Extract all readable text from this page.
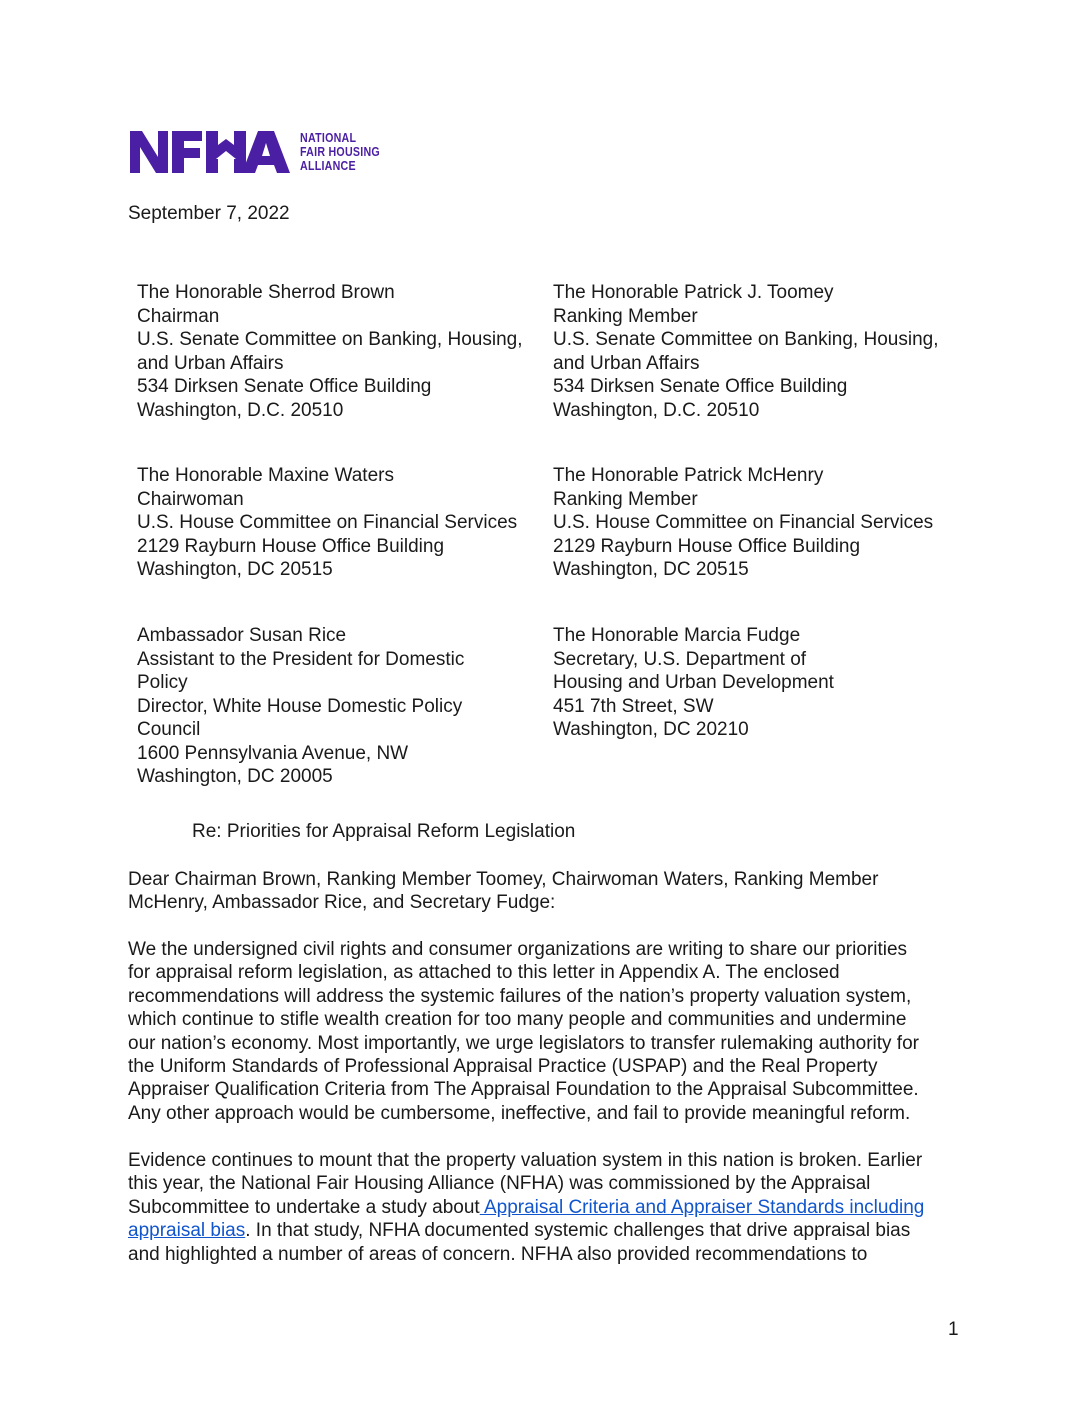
NATIONAL
FAIR HOUSING
ALLIANCE
September 7, 2022
The Honorable Sherrod Brown
Chairman
U.S. Senate Committee on Banking, Housing,
and Urban Affairs
534 Dirksen Senate Office Building
Washington, D.C. 20510
The Honorable Patrick J. Toomey
Ranking Member
U.S. Senate Committee on Banking, Housing,
and Urban Affairs
534 Dirksen Senate Office Building
Washington, D.C. 20510
The Honorable Maxine Waters
Chairwoman
U.S. House Committee on Financial Services
2129 Rayburn House Office Building
Washington, DC 20515
The Honorable Patrick McHenry
Ranking Member
U.S. House Committee on Financial Services
2129 Rayburn House Office Building
Washington, DC 20515
Ambassador Susan Rice
Assistant to the President for Domestic
Policy
Director, White House Domestic Policy
Council
1600 Pennsylvania Avenue, NW
Washington, DC 20005
The Honorable Marcia Fudge
Secretary, U.S. Department of
Housing and Urban Development
451 7th Street, SW
Washington, DC 20210
Re: Priorities for Appraisal Reform Legislation
Dear Chairman Brown, Ranking Member Toomey, Chairwoman Waters, Ranking Member
McHenry, Ambassador Rice, and Secretary Fudge:
We the undersigned civil rights and consumer organizations are writing to share our priorities
for appraisal reform legislation, as attached to this letter in Appendix A. The enclosed
recommendations will address the systemic failures of the nation’s property valuation system,
which continue to stifle wealth creation for too many people and communities and undermine
our nation’s economy. Most importantly, we urge legislators to transfer rulemaking authority for
the Uniform Standards of Professional Appraisal Practice (USPAP) and the Real Property
Appraiser Qualification Criteria from The Appraisal Foundation to the Appraisal Subcommittee.
Any other approach would be cumbersome, ineffective, and fail to provide meaningful reform.
Evidence continues to mount that the property valuation system in this nation is broken. Earlier
this year, the National Fair Housing Alliance (NFHA) was commissioned by the Appraisal
Subcommittee to undertake a study about Appraisal Criteria and Appraiser Standards including
appraisal bias. In that study, NFHA documented systemic challenges that drive appraisal bias
and highlighted a number of areas of concern. NFHA also provided recommendations to
1
